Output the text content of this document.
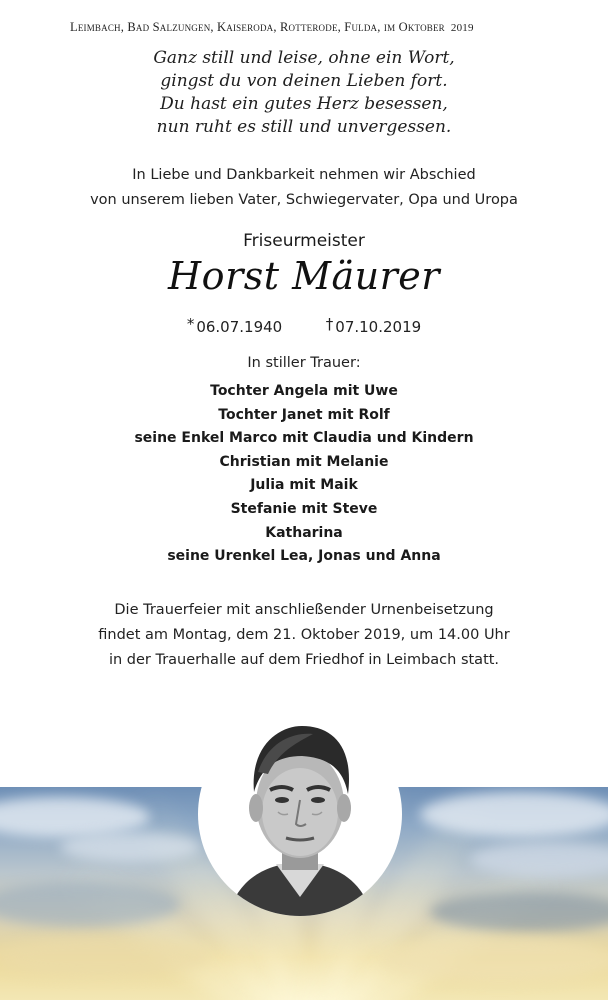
Leimbach, Bad Salzungen, Kaiseroda, Rotterode, Fulda, im Oktober 2019
Ganz still und leise, ohne ein Wort,
gingst du von deinen Lieben fort.
Du hast ein gutes Herz besessen,
nun ruht es still und unvergessen.
In Liebe und Dankbarkeit nehmen wir Abschied
von unserem lieben Vater, Schwiegervater, Opa und Uropa
Friseurmeister
Horst Mäurer
* 06.07.1940	† 07.10.2019
In stiller Trauer:
Tochter Angela mit Uwe
Tochter Janet mit Rolf
seine Enkel Marco mit Claudia und Kindern
Christian mit Melanie
Julia mit Maik
Stefanie mit Steve
Katharina
seine Urenkel Lea, Jonas und Anna
Die Trauerfeier mit anschließender Urnenbeisetzung
findet am Montag, dem 21. Oktober 2019, um 14.00 Uhr
in der Trauerhalle auf dem Friedhof in Leimbach statt.
